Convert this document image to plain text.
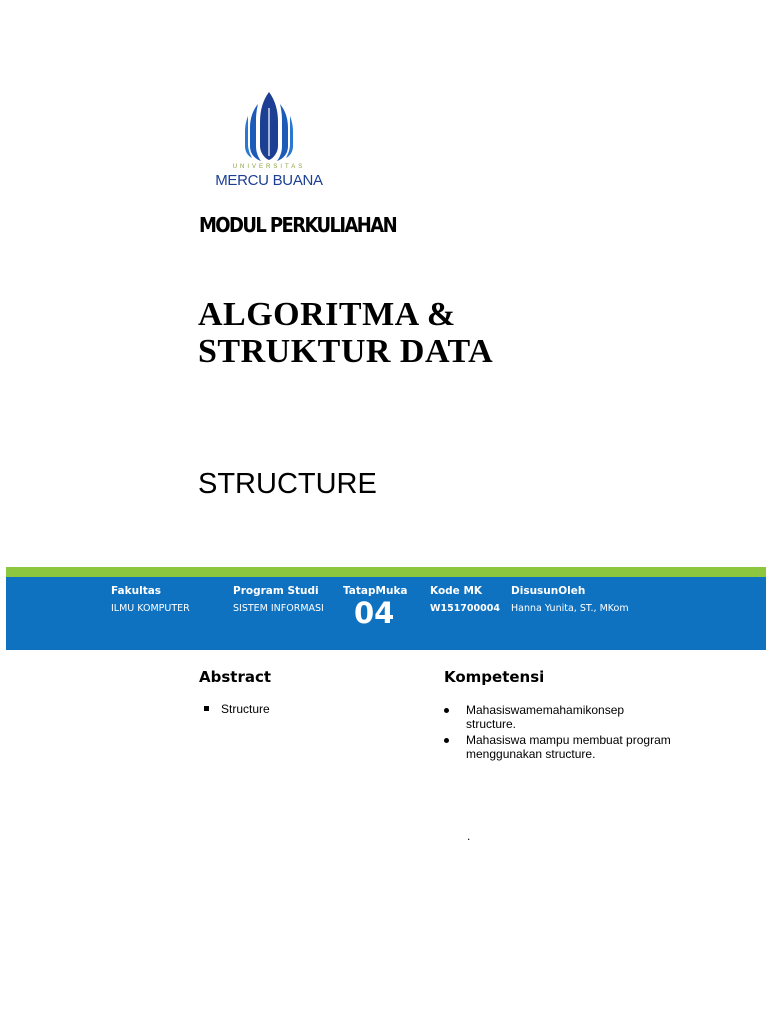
UNIVERSITAS
MERCU BUANA
MODUL PERKULIAHAN
ALGORITMA &
STRUKTUR DATA
STRUCTURE
Fakultas
ILMU KOMPUTER
Program Studi
SISTEM INFORMASI
TatapMuka
04
Kode MK
W151700004
DisusunOleh
Hanna Yunita, ST., MKom
Abstract
Structure
Kompetensi
Mahasiswamemahamikonsep structure.
Mahasiswa mampu membuat program menggunakan structure.
.
